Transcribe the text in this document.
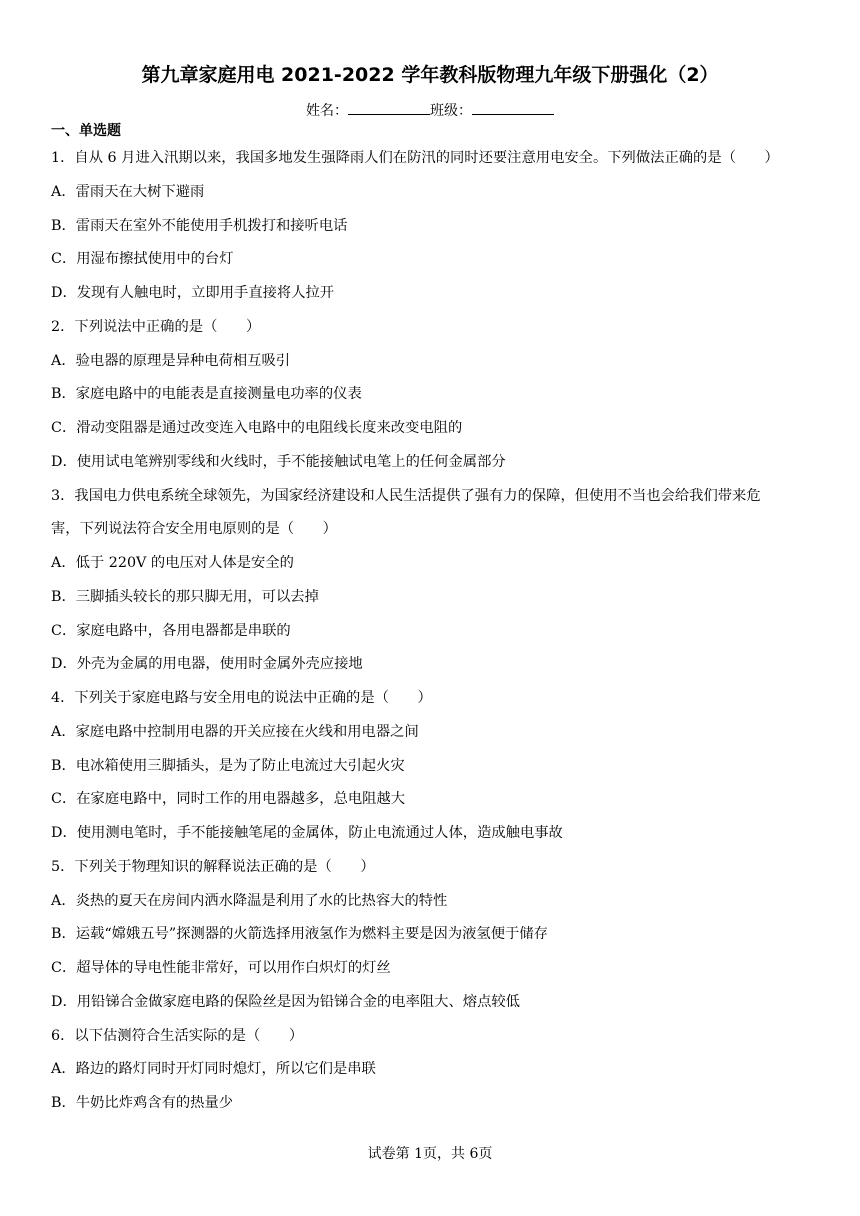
第九章家庭用电 2021-2022 学年教科版物理九年级下册强化（2）
姓名：	班级：
一、单选题
1．自从 6 月进入汛期以来，我国多地发生强降雨人们在防汛的同时还要注意用电安全。下列做法正确的是（　　）
A．雷雨天在大树下避雨
B．雷雨天在室外不能使用手机拨打和接听电话
C．用湿布擦拭使用中的台灯
D．发现有人触电时，立即用手直接将人拉开
2．下列说法中正确的是（　　）
A．验电器的原理是异种电荷相互吸引
B．家庭电路中的电能表是直接测量电功率的仪表
C．滑动变阻器是通过改变连入电路中的电阻线长度来改变电阻的
D．使用试电笔辨别零线和火线时，手不能接触试电笔上的任何金属部分
3．我国电力供电系统全球领先，为国家经济建设和人民生活提供了强有力的保障，但使用不当也会给我们带来危
害，下列说法符合安全用电原则的是（　　）
A．低于 220V 的电压对人体是安全的
B．三脚插头较长的那只脚无用，可以去掉
C．家庭电路中，各用电器都是串联的
D．外壳为金属的用电器，使用时金属外壳应接地
4．下列关于家庭电路与安全用电的说法中正确的是（　　）
A．家庭电路中控制用电器的开关应接在火线和用电器之间
B．电冰箱使用三脚插头，是为了防止电流过大引起火灾
C．在家庭电路中，同时工作的用电器越多，总电阻越大
D．使用测电笔时，手不能接触笔尾的金属体，防止电流通过人体，造成触电事故
5．下列关于物理知识的解释说法正确的是（　　）
A．炎热的夏天在房间内洒水降温是利用了水的比热容大的特性
B．运载“嫦娥五号”探测器的火箭选择用液氢作为燃料主要是因为液氢便于储存
C．超导体的导电性能非常好，可以用作白炽灯的灯丝
D．用铅锑合金做家庭电路的保险丝是因为铅锑合金的电率阻大、熔点较低
6．以下估测符合生活实际的是（　　）
A．路边的路灯同时开灯同时熄灯，所以它们是串联
B．牛奶比炸鸡含有的热量少
试卷第 1页，共 6页
